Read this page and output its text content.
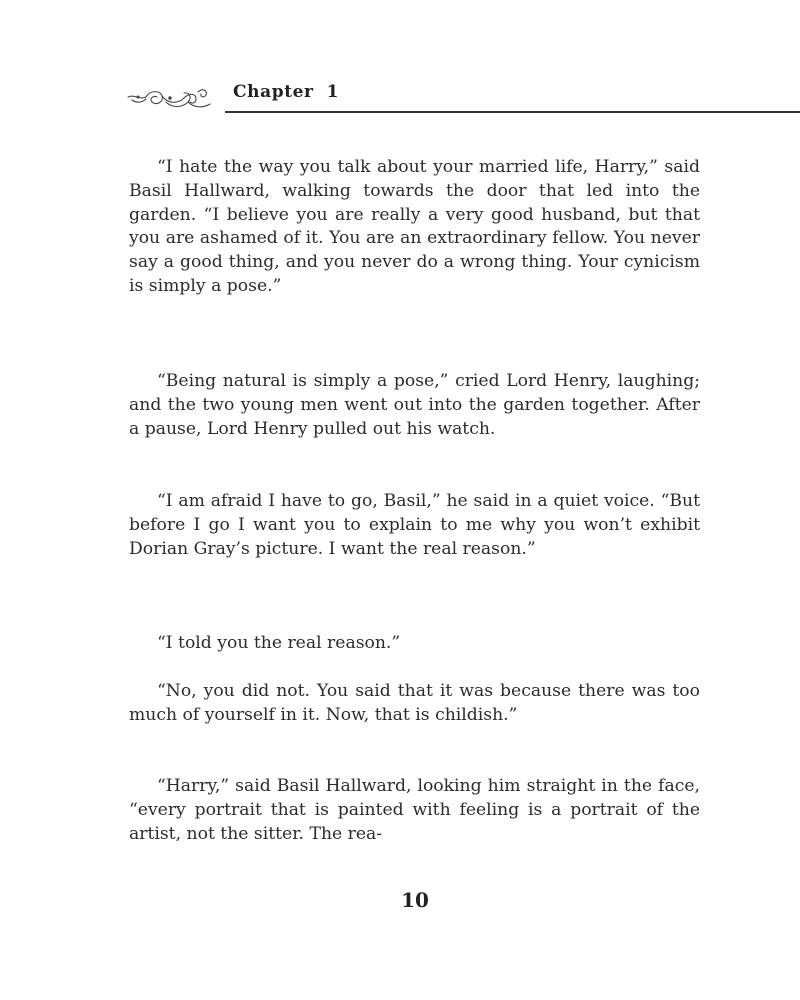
Chapter  1

“I hate the way you talk about your married life, Harry,” said Basil Hallward, walking towards the door that led into the garden. “I believe you are really a very good husband, but that you are ashamed of it. You are an extraordinary fellow. You never say a good thing, and you never do a wrong thing. Your cynicism is simply a pose.”

“Being natural is simply a pose,” cried Lord Henry, laughing; and the two young men went out into the garden together. After a pause, Lord Henry pulled out his watch.

“I am afraid I have to go, Basil,” he said in a quiet voice. “But before I go I want you to explain to me why you won’t exhibit Dorian Gray’s picture. I want the real reason.”

“I told you the real reason.”

“No, you did not. You said that it was because there was too much of yourself in it. Now, that is childish.”

“Harry,” said Basil Hallward, looking him straight in the face, “every portrait that is painted with feeling is a portrait of the artist, not the sitter. The rea-

10
